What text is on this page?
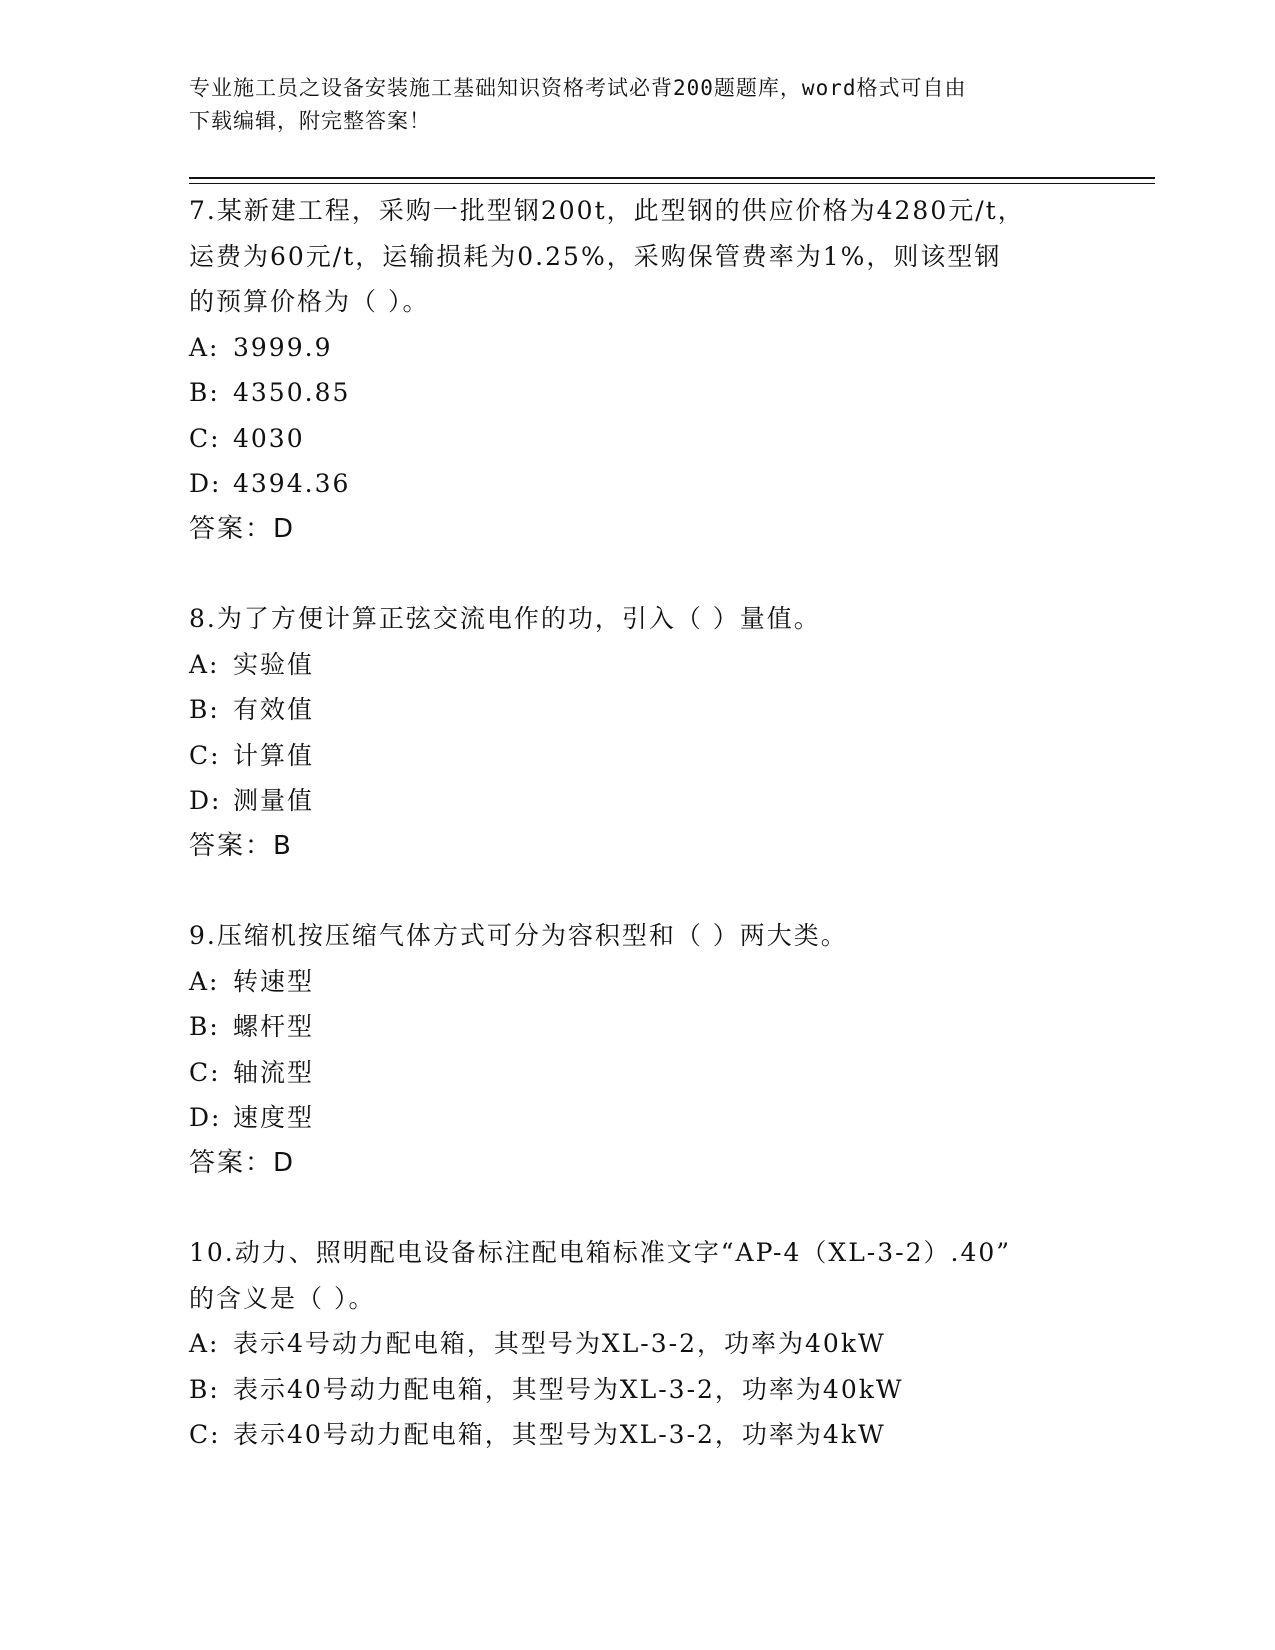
专业施工员之设备安装施工基础知识资格考试必背200题题库，word格式可自由
下载编辑，附完整答案！

7.某新建工程，采购一批型钢200t，此型钢的供应价格为4280元/t，
运费为60元/t，运输损耗为0.25%，采购保管费率为1%，则该型钢
的预算价格为（ ）。

A: 3999.9

B: 4350.85

C: 4030

D: 4394.36

答案：D

8.为了方便计算正弦交流电作的功，引入（ ）量值。

A: 实验值

B: 有效值

C: 计算值

D: 测量值

答案：B

9.压缩机按压缩气体方式可分为容积型和（ ）两大类。

A: 转速型

B: 螺杆型

C: 轴流型

D: 速度型

答案：D

10.动力、照明配电设备标注配电箱标准文字“AP-4（XL-3-2）.40”
的含义是（ ）。

A: 表示4号动力配电箱，其型号为XL-3-2，功率为40kW

B: 表示40号动力配电箱，其型号为XL-3-2，功率为40kW

C: 表示40号动力配电箱，其型号为XL-3-2，功率为4kW
